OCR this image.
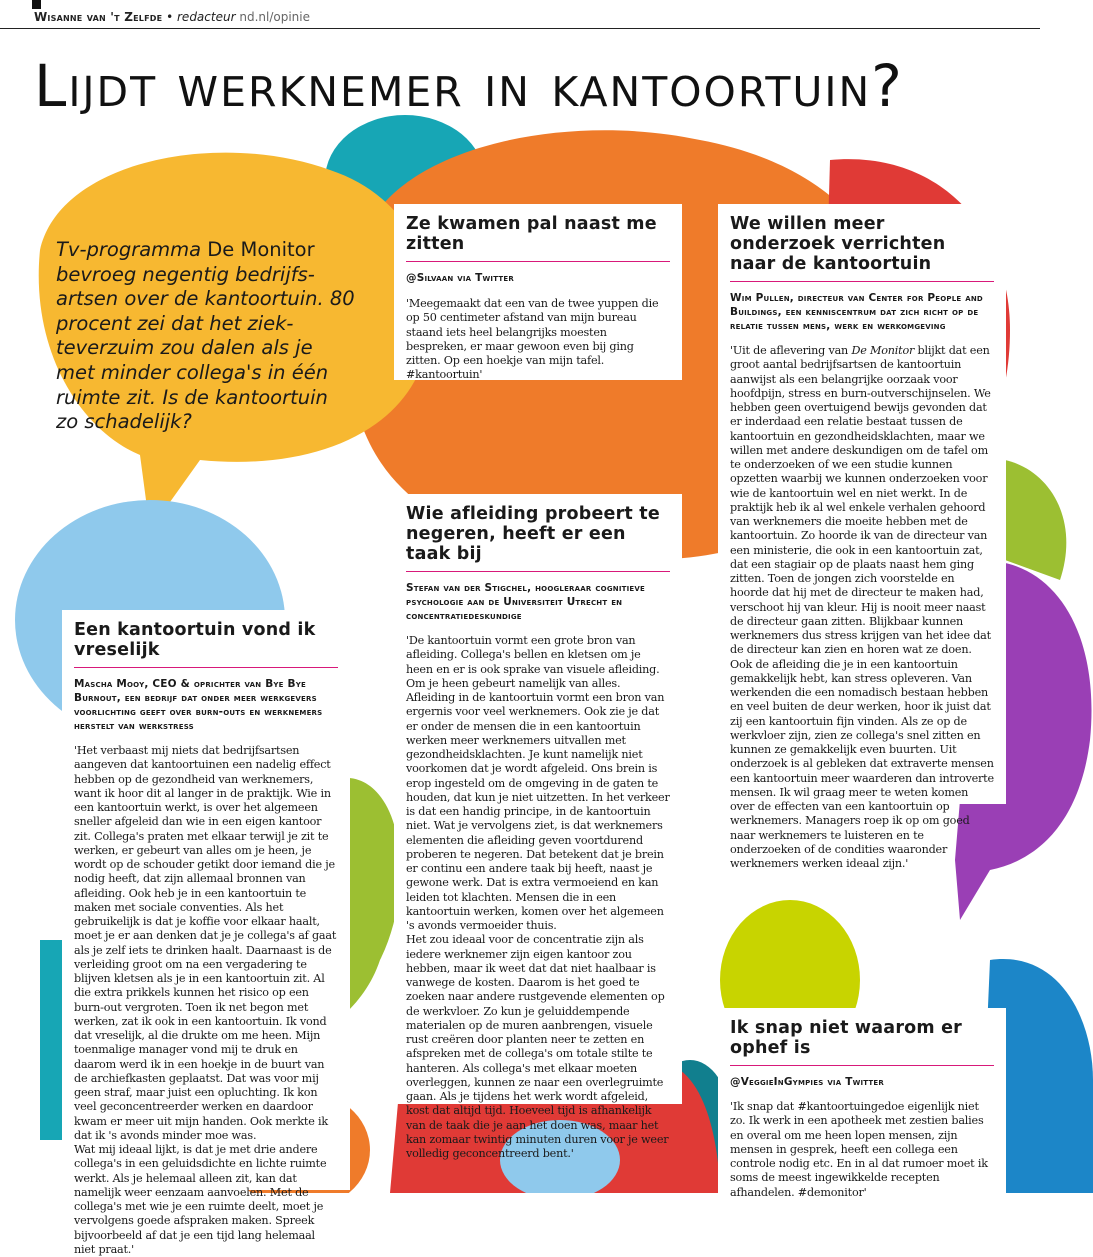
Wisanne van 't Zelfde • redacteur nd.nl/opinie
Lijdt werknemer in kantoortuin?
Tv-programma De Monitor bevroeg negentig bedrijfs-artsen over de kantoortuin. 80 procent zei dat het ziek-teverzuim zou dalen als je met minder collega's in één ruimte zit. Is de kantoortuin zo schadelijk?
Ze kwamen pal naast me zitten
@Silvaan via Twitter
'Meegemaakt dat een van de twee yuppen die op 50 centimeter afstand van mijn bureau staand iets heel belangrijks moesten bespreken, er maar gewoon even bij ging zitten. Op een hoekje van mijn tafel. #kantoortuin'
We willen meer onderzoek verrichten naar de kantoortuin
Wim Pullen, directeur van Center for People and Buildings, een kenniscentrum dat zich richt op de relatie tussen mens, werk en werkomgeving
'Uit de aflevering van De Monitor blijkt dat een groot aantal bedrijfsartsen de kantoortuin aanwijst als een belangrijke oorzaak voor hoofdpijn, stress en burn-outverschijnselen. We hebben geen overtuigend bewijs gevonden dat er inderdaad een relatie bestaat tussen de kantoortuin en gezondheidsklachten, maar we willen met andere deskundigen om de tafel om te onderzoeken of we een studie kunnen opzetten waarbij we kunnen onderzoeken voor wie de kantoortuin wel en niet werkt. In de praktijk heb ik al wel enkele verhalen gehoord van werknemers die moeite hebben met de kantoortuin. Zo hoorde ik van de directeur van een ministerie, die ook in een kantoortuin zat, dat een stagiair op de plaats naast hem ging zitten. Toen de jongen zich voorstelde en hoorde dat hij met de directeur te maken had, verschoot hij van kleur. Hij is nooit meer naast de directeur gaan zitten. Blijkbaar kunnen werknemers dus stress krijgen van het idee dat de directeur kan zien en horen wat ze doen. Ook de afleiding die je in een kantoortuin gemakkelijk hebt, kan stress opleveren. Van werkenden die een nomadisch bestaan hebben en veel buiten de deur werken, hoor ik juist dat zij een kantoortuin fijn vinden. Als ze op de werkvloer zijn, zien ze collega's snel zitten en kunnen ze gemakkelijk even buurten. Uit onderzoek is al gebleken dat extraverte mensen een kantoortuin meer waarderen dan introverte mensen. Ik wil graag meer te weten komen over de effecten van een kantoortuin op werknemers. Managers roep ik op om goed naar werknemers te luisteren en te onderzoeken of de condities waaronder werknemers werken ideaal zijn.'
Wie afleiding probeert te negeren, heeft er een taak bij
Stefan van der Stigchel, hoogleraar cognitieve psychologie aan de Universiteit Utrecht en concentratiedeskundige

'De kantoortuin vormt een grote bron van afleiding. Collega's bellen en kletsen om je heen en er is ook sprake van visuele afleiding. Om je heen gebeurt namelijk van alles. Afleiding in de kantoortuin vormt een bron van ergernis voor veel werknemers. Ook zie je dat er onder de mensen die in een kantoortuin werken meer werknemers uitvallen met gezondheidsklachten. Je kunt namelijk niet voorkomen dat je wordt afgeleid. Ons brein is erop ingesteld om de omgeving in de gaten te houden, dat kun je niet uitzetten. In het verkeer is dat een handig principe, in de kantoortuin niet. Wat je vervolgens ziet, is dat werknemers elementen die afleiding geven voortdurend proberen te negeren. Dat betekent dat je brein er continu een andere taak bij heeft, naast je gewone werk. Dat is extra vermoeiend en kan leiden tot klachten. Mensen die in een kantoortuin werken, komen over het algemeen 's avonds vermoeider thuis.

Het zou ideaal voor de concentratie zijn als iedere werknemer zijn eigen kantoor zou hebben, maar ik weet dat dat niet haalbaar is vanwege de kosten. Daarom is het goed te zoeken naar andere rustgevende elementen op de werkvloer. Zo kun je geluiddempende materialen op de muren aanbrengen, visuele rust creëren door planten neer te zetten en afspreken met de collega's om totale stilte te hanteren. Als collega's met elkaar moeten overleggen, kunnen ze naar een overlegruimte gaan. Als je tijdens het werk wordt afgeleid, kost dat altijd tijd. Hoeveel tijd is afhankelijk van de taak die je aan het doen was, maar het kan zomaar twintig minuten duren voor je weer volledig geconcentreerd bent.'

Een kantoortuin vond ik vreselijk
Mascha Mooy, CEO & oprichter van Bye Bye Burnout, een bedrijf dat onder meer werkgevers voorlichting geeft over burn-outs en werknemers herstelt van werkstress

'Het verbaast mij niets dat bedrijfsartsen aangeven dat kantoortuinen een nadelig effect hebben op de gezondheid van werknemers, want ik hoor dit al langer in de praktijk. Wie in een kantoortuin werkt, is over het algemeen sneller afgeleid dan wie in een eigen kantoor zit. Collega's praten met elkaar terwijl je zit te werken, er gebeurt van alles om je heen, je wordt op de schouder getikt door iemand die je nodig heeft, dat zijn allemaal bronnen van afleiding. Ook heb je in een kantoortuin te maken met sociale conventies. Als het gebruikelijk is dat je koffie voor elkaar haalt, moet je er aan denken dat je je collega's af gaat als je zelf iets te drinken haalt. Daarnaast is de verleiding groot om na een vergadering te blijven kletsen als je in een kantoortuin zit. Al die extra prikkels kunnen het risico op een burn-out vergroten. Toen ik net begon met werken, zat ik ook in een kantoortuin. Ik vond dat vreselijk, al die drukte om me heen. Mijn toenmalige manager vond mij te druk en daarom werd ik in een hoekje in de buurt van de archiefkasten geplaatst. Dat was voor mij geen straf, maar juist een opluchting. Ik kon veel geconcentreerder werken en daardoor kwam er meer uit mijn handen. Ook merkte ik dat ik 's avonds minder moe was.

Wat mij ideaal lijkt, is dat je met drie andere collega's in een geluidsdichte en lichte ruimte werkt. Als je helemaal alleen zit, kan dat namelijk weer eenzaam aanvoelen. Met de collega's met wie je een ruimte deelt, moet je vervolgens goede afspraken maken. Spreek bijvoorbeeld af dat je een tijd lang helemaal niet praat.'

Ik snap niet waarom er ophef is
@VeggieInGympies via Twitter
'Ik snap dat #kantoortuingedoe eigenlijk niet zo. Ik werk in een apotheek met zestien balies en overal om me heen lopen mensen, zijn mensen in gesprek, heeft een collega een controle nodig etc. En in al dat rumoer moet ik soms de meest ingewikkelde recepten afhandelen. #demonitor'
